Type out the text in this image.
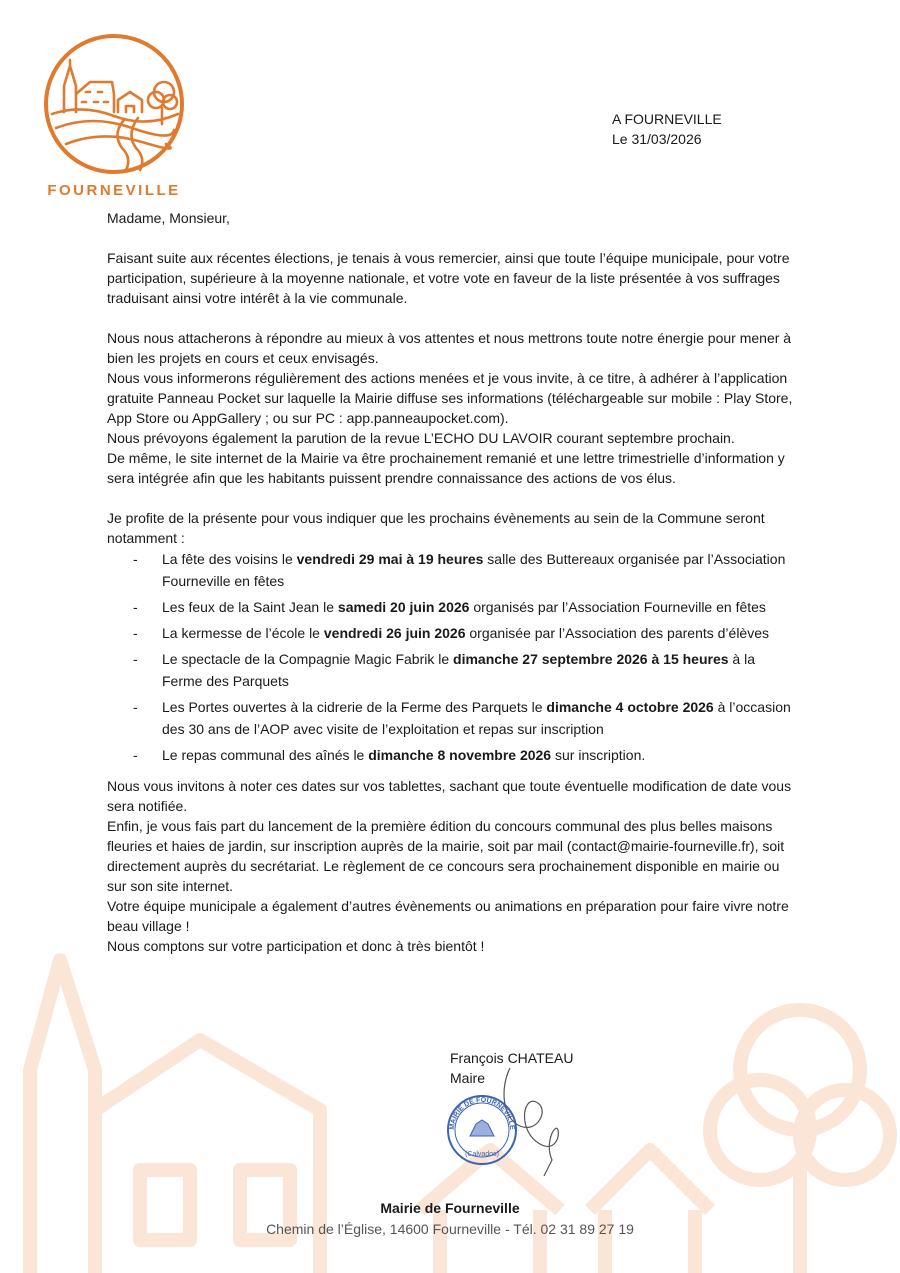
FOURNEVILLE
A FOURNEVILLE
Le 31/03/2026

Madame, Monsieur,

Faisant suite aux récentes élections, je tenais à vous remercier, ainsi que toute l’équipe municipale, pour votre participation, supérieure à la moyenne nationale, et votre vote en faveur de la liste présentée à vos suffrages traduisant ainsi votre intérêt à la vie communale.

Nous nous attacherons à répondre au mieux à vos attentes et nous mettrons toute notre énergie pour mener à bien les projets en cours et ceux envisagés.

Nous vous informerons régulièrement des actions menées et je vous invite, à ce titre, à adhérer à l’application gratuite Panneau Pocket sur laquelle la Mairie diffuse ses informations (téléchargeable sur mobile : Play Store, App Store ou AppGallery ; ou sur PC : app.panneaupocket.com).

Nous prévoyons également la parution de la revue L’ECHO DU LAVOIR courant septembre prochain.

De même, le site internet de la Mairie va être prochainement remanié et une lettre trimestrielle d’information y sera intégrée afin que les habitants puissent prendre connaissance des actions de vos élus.

Je profite de la présente pour vous indiquer que les prochains évènements au sein de la Commune seront notamment :

- La fête des voisins le vendredi 29 mai à 19 heures salle des Buttereaux organisée par l’Association Fourneville en fêtes
- Les feux de la Saint Jean le samedi 20 juin 2026 organisés par l’Association Fourneville en fêtes
- La kermesse de l’école le vendredi 26 juin 2026 organisée par l’Association des parents d’élèves
- Le spectacle de la Compagnie Magic Fabrik le dimanche 27 septembre 2026 à 15 heures à la Ferme des Parquets
- Les Portes ouvertes à la cidrerie de la Ferme des Parquets le dimanche 4 octobre 2026 à l’occasion des 30 ans de l’AOP avec visite de l’exploitation et repas sur inscription
- Le repas communal des aînés le dimanche 8 novembre 2026 sur inscription.

Nous vous invitons à noter ces dates sur vos tablettes, sachant que toute éventuelle modification de date vous sera notifiée.

Enfin, je vous fais part du lancement de la première édition du concours communal des plus belles maisons fleuries et haies de jardin, sur inscription auprès de la mairie, soit par mail (contact@mairie-fourneville.fr), soit directement auprès du secrétariat. Le règlement de ce concours sera prochainement disponible en mairie ou sur son site internet.

Votre équipe municipale a également d’autres évènements ou animations en préparation pour faire vivre notre beau village !

Nous comptons sur votre participation et donc à très bientôt !

MAIRIE DE FOURNEVILLE
(Calvados)
François CHATEAU
Maire
Mairie de Fourneville
Chemin de l’Église, 14600 Fourneville - Tél. 02 31 89 27 19
